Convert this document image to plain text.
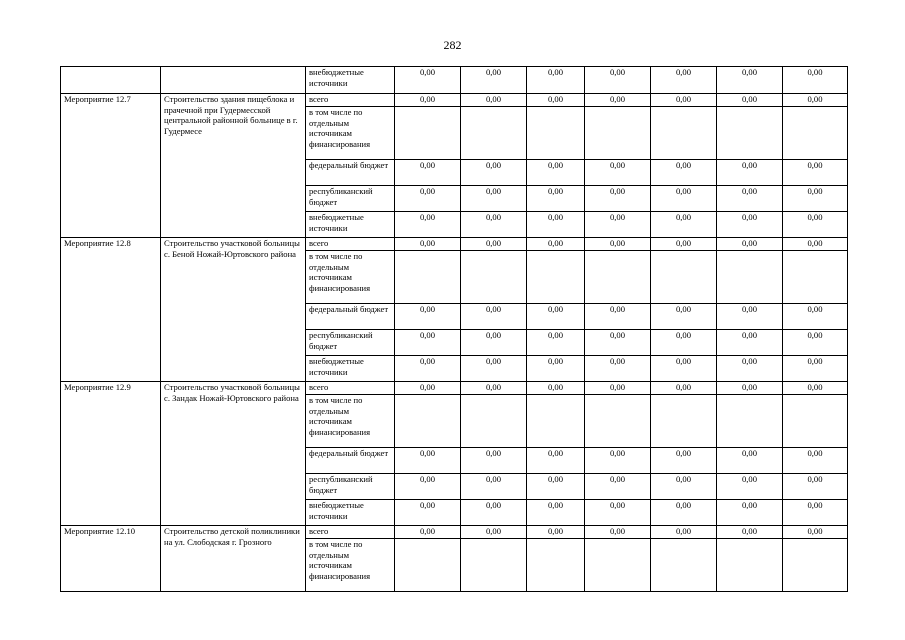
282
		внебюджетные источники	0,00	0,00	0,00	0,00	0,00	0,00	0,00
Мероприятие 12.7	Строительство здания пищеблока и прачечной при Гудермесской центральной районной больнице в г. Гудермесе	всего	0,00	0,00	0,00	0,00	0,00	0,00	0,00
		в том числе по отдельным источникам финансирования							
		федеральный бюджет	0,00	0,00	0,00	0,00	0,00	0,00	0,00
		республиканский бюджет	0,00	0,00	0,00	0,00	0,00	0,00	0,00
		внебюджетные источники	0,00	0,00	0,00	0,00	0,00	0,00	0,00
Мероприятие 12.8	Строительство участковой больницы с. Беной Ножай-Юртовского района	всего	0,00	0,00	0,00	0,00	0,00	0,00	0,00
		в том числе по отдельным источникам финансирования							
		федеральный бюджет	0,00	0,00	0,00	0,00	0,00	0,00	0,00
		республиканский бюджет	0,00	0,00	0,00	0,00	0,00	0,00	0,00
		внебюджетные источники	0,00	0,00	0,00	0,00	0,00	0,00	0,00
Мероприятие 12.9	Строительство участковой больницы с. Зандак Ножай-Юртовского района	всего	0,00	0,00	0,00	0,00	0,00	0,00	0,00
		в том числе по отдельным источникам финансирования							
		федеральный бюджет	0,00	0,00	0,00	0,00	0,00	0,00	0,00
		республиканский бюджет	0,00	0,00	0,00	0,00	0,00	0,00	0,00
		внебюджетные источники	0,00	0,00	0,00	0,00	0,00	0,00	0,00
Мероприятие 12.10	Строительство детской поликлиники на ул. Слободская г. Грозного	всего	0,00	0,00	0,00	0,00	0,00	0,00	0,00
		в том числе по отдельным источникам финансирования							
